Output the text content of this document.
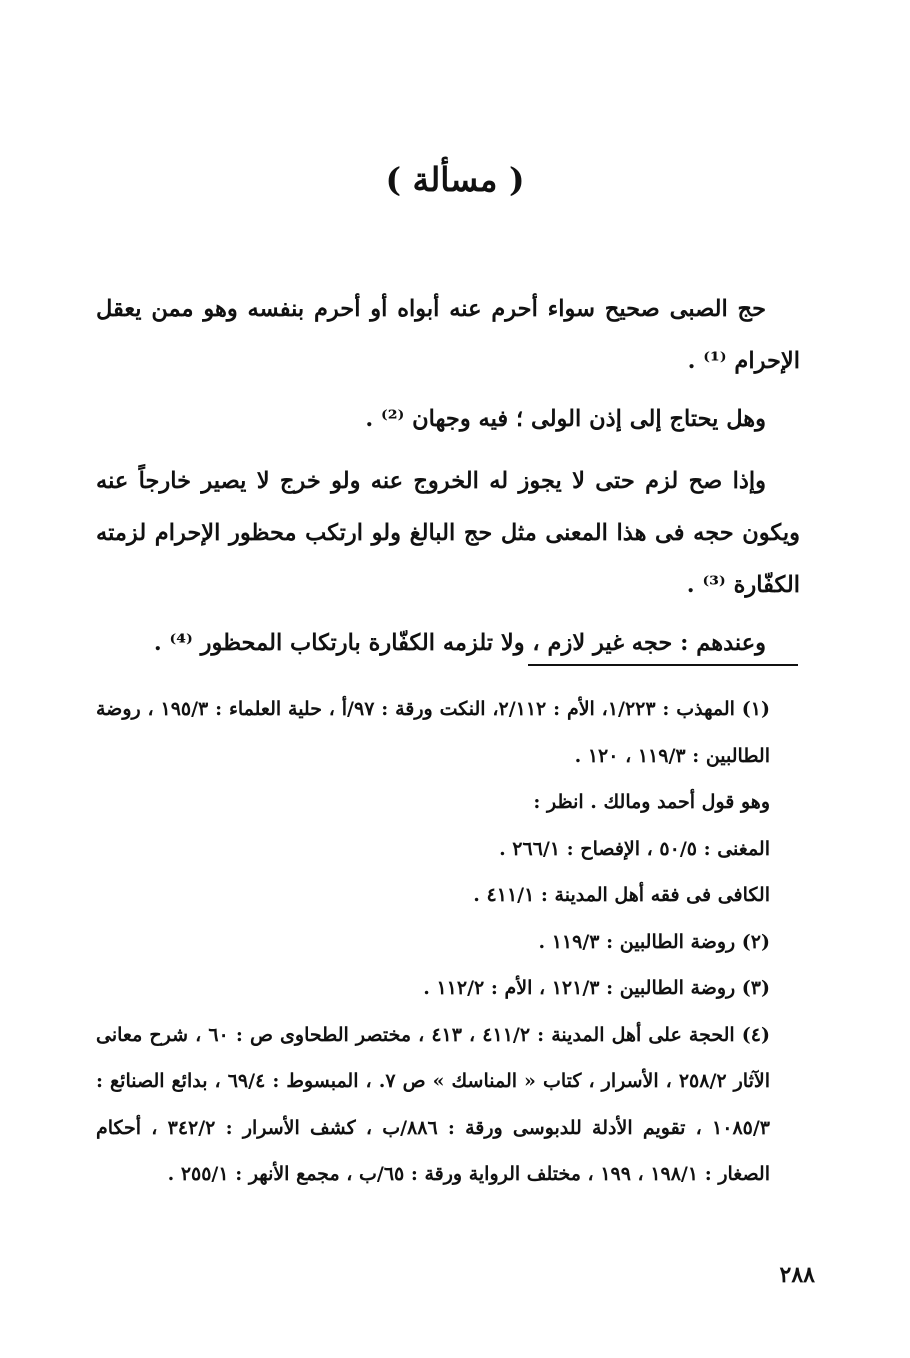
( مسألة )

حج الصبى صحيح سواء أحرم عنه أبواه أو أحرم بنفسه وهو ممن يعقل الإحرام ⁽¹⁾ .

وهل يحتاج إلى إذن الولى ؛ فيه وجهان ⁽²⁾ .

وإذا صح لزم حتى لا يجوز له الخروج عنه ولو خرج لا يصير خارجاً عنه ويكون حجه فى هذا المعنى مثل حج البالغ ولو ارتكب محظور الإحرام لزمته الكفّارة ⁽³⁾ .

وعندهم : حجه غير لازم ، ولا تلزمه الكفّارة بارتكاب المحظور ⁽⁴⁾ .

(١) المهذب : ١/٢٢٣، الأم : ٢/١١٢، النكت ورقة : ٩٧/أ ، حلية العلماء : ١٩٥/٣ ، روضة الطالبين : ١١٩/٣ ، ١٢٠ .

وهو قول أحمد ومالك . انظر :

المغنى : ٥٠/٥ ، الإفصاح : ٢٦٦/١ .

الكافى فى فقه أهل المدينة : ٤١١/١ .

(٢) روضة الطالبين : ١١٩/٣ .

(٣) روضة الطالبين : ١٢١/٣ ، الأم : ١١٢/٢ .

(٤) الحجة على أهل المدينة : ٤١١/٢ ، ٤١٣ ، مختصر الطحاوى ص : ٦٠ ، شرح معانى الآثار ٢٥٨/٢ ، الأسرار ، كتاب « المناسك » ص ٧. ، المبسوط : ٦٩/٤ ، بدائع الصنائع : ١٠٨٥/٣ ، تقويم الأدلة للدبوسى ورقة : ٨٨٦/ب ، كشف الأسرار : ٣٤٢/٢ ، أحكام الصغار : ١٩٨/١ ، ١٩٩ ، مختلف الرواية ورقة : ٦٥/ب ، مجمع الأنهر : ٢٥٥/١ .

٢٨٨
